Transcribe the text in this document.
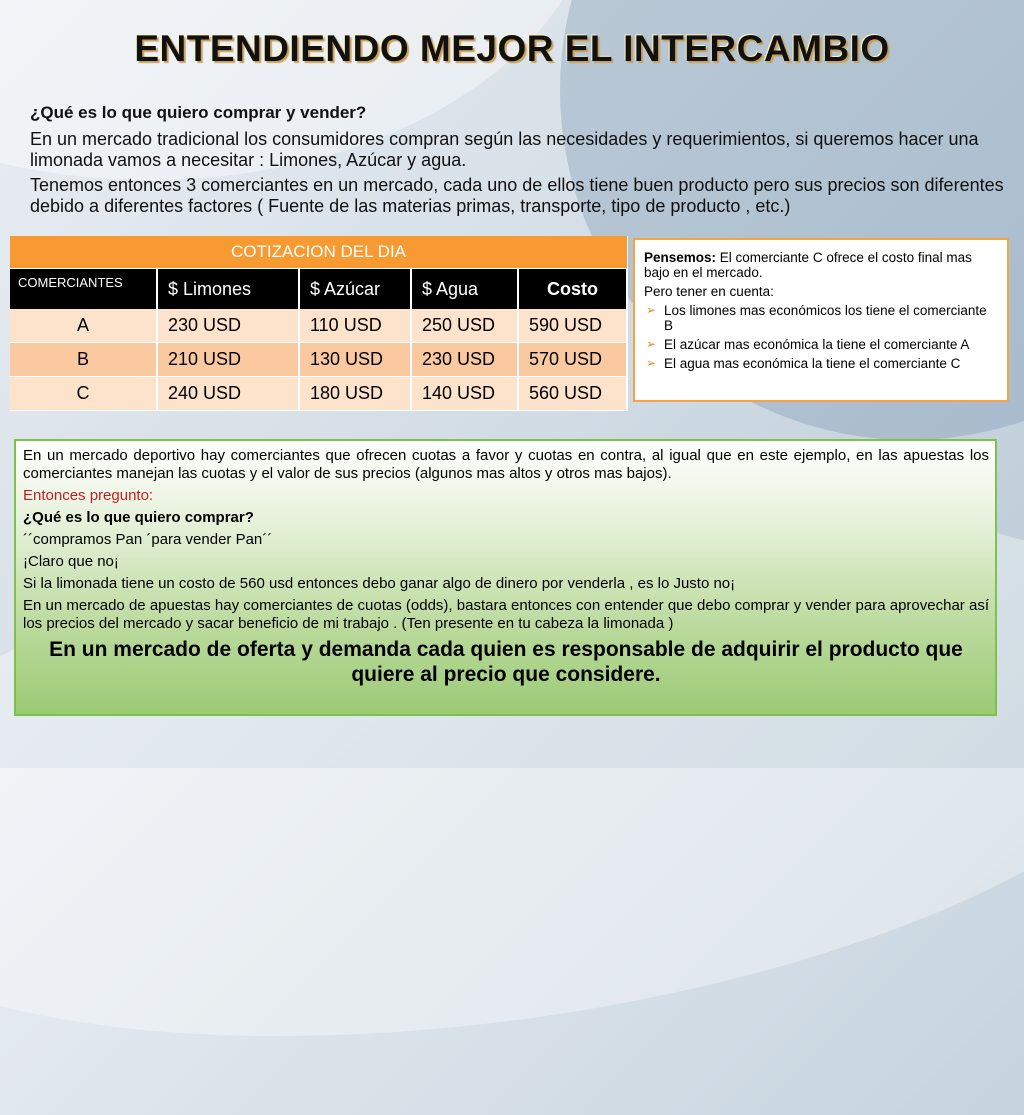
ENTENDIENDO MEJOR EL INTERCAMBIO

¿Qué es lo que quiero comprar y vender?

En un mercado tradicional los consumidores compran según las necesidades y requerimientos, si queremos hacer una limonada vamos a necesitar : Limones, Azúcar y agua.

Tenemos entonces 3 comerciantes en un mercado, cada uno de ellos tiene buen producto pero sus precios son diferentes debido a diferentes factores ( Fuente de las materias primas, transporte, tipo de producto , etc.)

COTIZACION DEL DIA				
COMERCIANTES	$ Limones	$ Azúcar	$ Agua	Costo
A	230 USD	110 USD	250 USD	590 USD
B	210 USD	130 USD	230 USD	570 USD
C	240 USD	180 USD	140 USD	560 USD

Pensemos: El comerciante C ofrece el costo final mas bajo en el mercado.

Pero tener en cuenta:

➢ Los limones mas económicos los tiene el comerciante B
➢ El azúcar mas económica la tiene el comerciante A
➢ El agua mas económica la tiene el comerciante C

En un mercado deportivo hay comerciantes que ofrecen cuotas a favor y cuotas en contra, al igual que en este ejemplo, en las apuestas los comerciantes manejan las cuotas y el valor de sus precios (algunos mas altos y otros mas bajos).

Entonces pregunto:

¿Qué es lo que quiero comprar?

´´compramos Pan ´para vender Pan´´

¡Claro que no¡

Si la limonada tiene un costo de 560 usd entonces debo ganar algo de dinero por venderla , es lo Justo no¡

En un mercado de apuestas hay comerciantes de cuotas (odds), bastara entonces con entender que debo comprar y vender para aprovechar así los precios del mercado y sacar beneficio de mi trabajo . (Ten presente en tu cabeza la limonada )

En un mercado de oferta y demanda cada quien es responsable de adquirir el producto que quiere al precio que considere.
